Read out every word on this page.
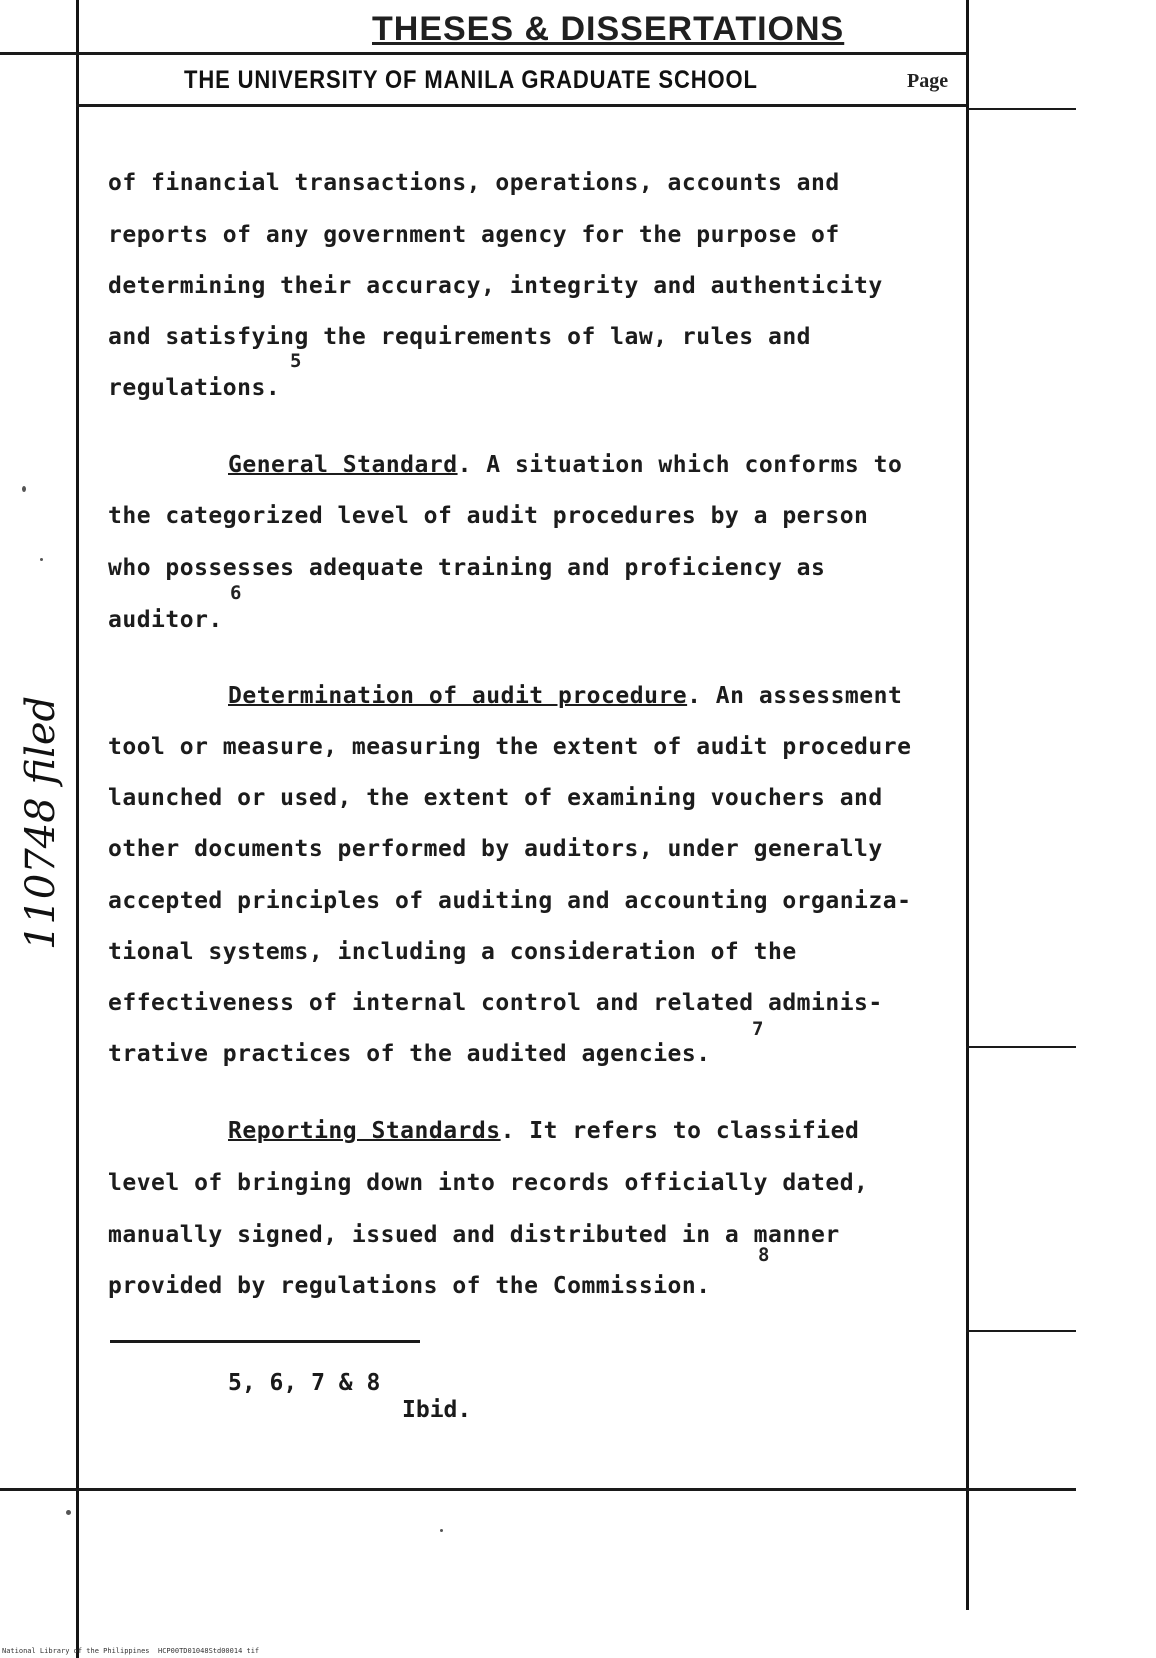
THESES & DISSERTATIONS
THE UNIVERSITY OF MANILA GRADUATE SCHOOL	Page
of financial transactions, operations, accounts and
reports of any government agency for the purpose of
determining their accuracy, integrity and authenticity
and satisfying the requirements of law, rules and
5
regulations.
General Standard. A situation which conforms to
the categorized level of audit procedures by a person
who possesses adequate training and proficiency as
6
auditor.
Determination of audit procedure. An assessment
tool or measure, measuring the extent of audit procedure
launched or used, the extent of examining vouchers and
other documents performed by auditors, under generally
accepted principles of auditing and accounting organiza-
tional systems, including a consideration of the
effectiveness of internal control and related adminis-
7
trative practices of the audited agencies.
Reporting Standards. It refers to classified
level of bringing down into records officially dated,
manually signed, issued and distributed in a manner
8
provided by regulations of the Commission.
5, 6, 7 & 8
Ibid.
110748 filed
National Library of the Philippines HCP00TD01048Std00014 tif
